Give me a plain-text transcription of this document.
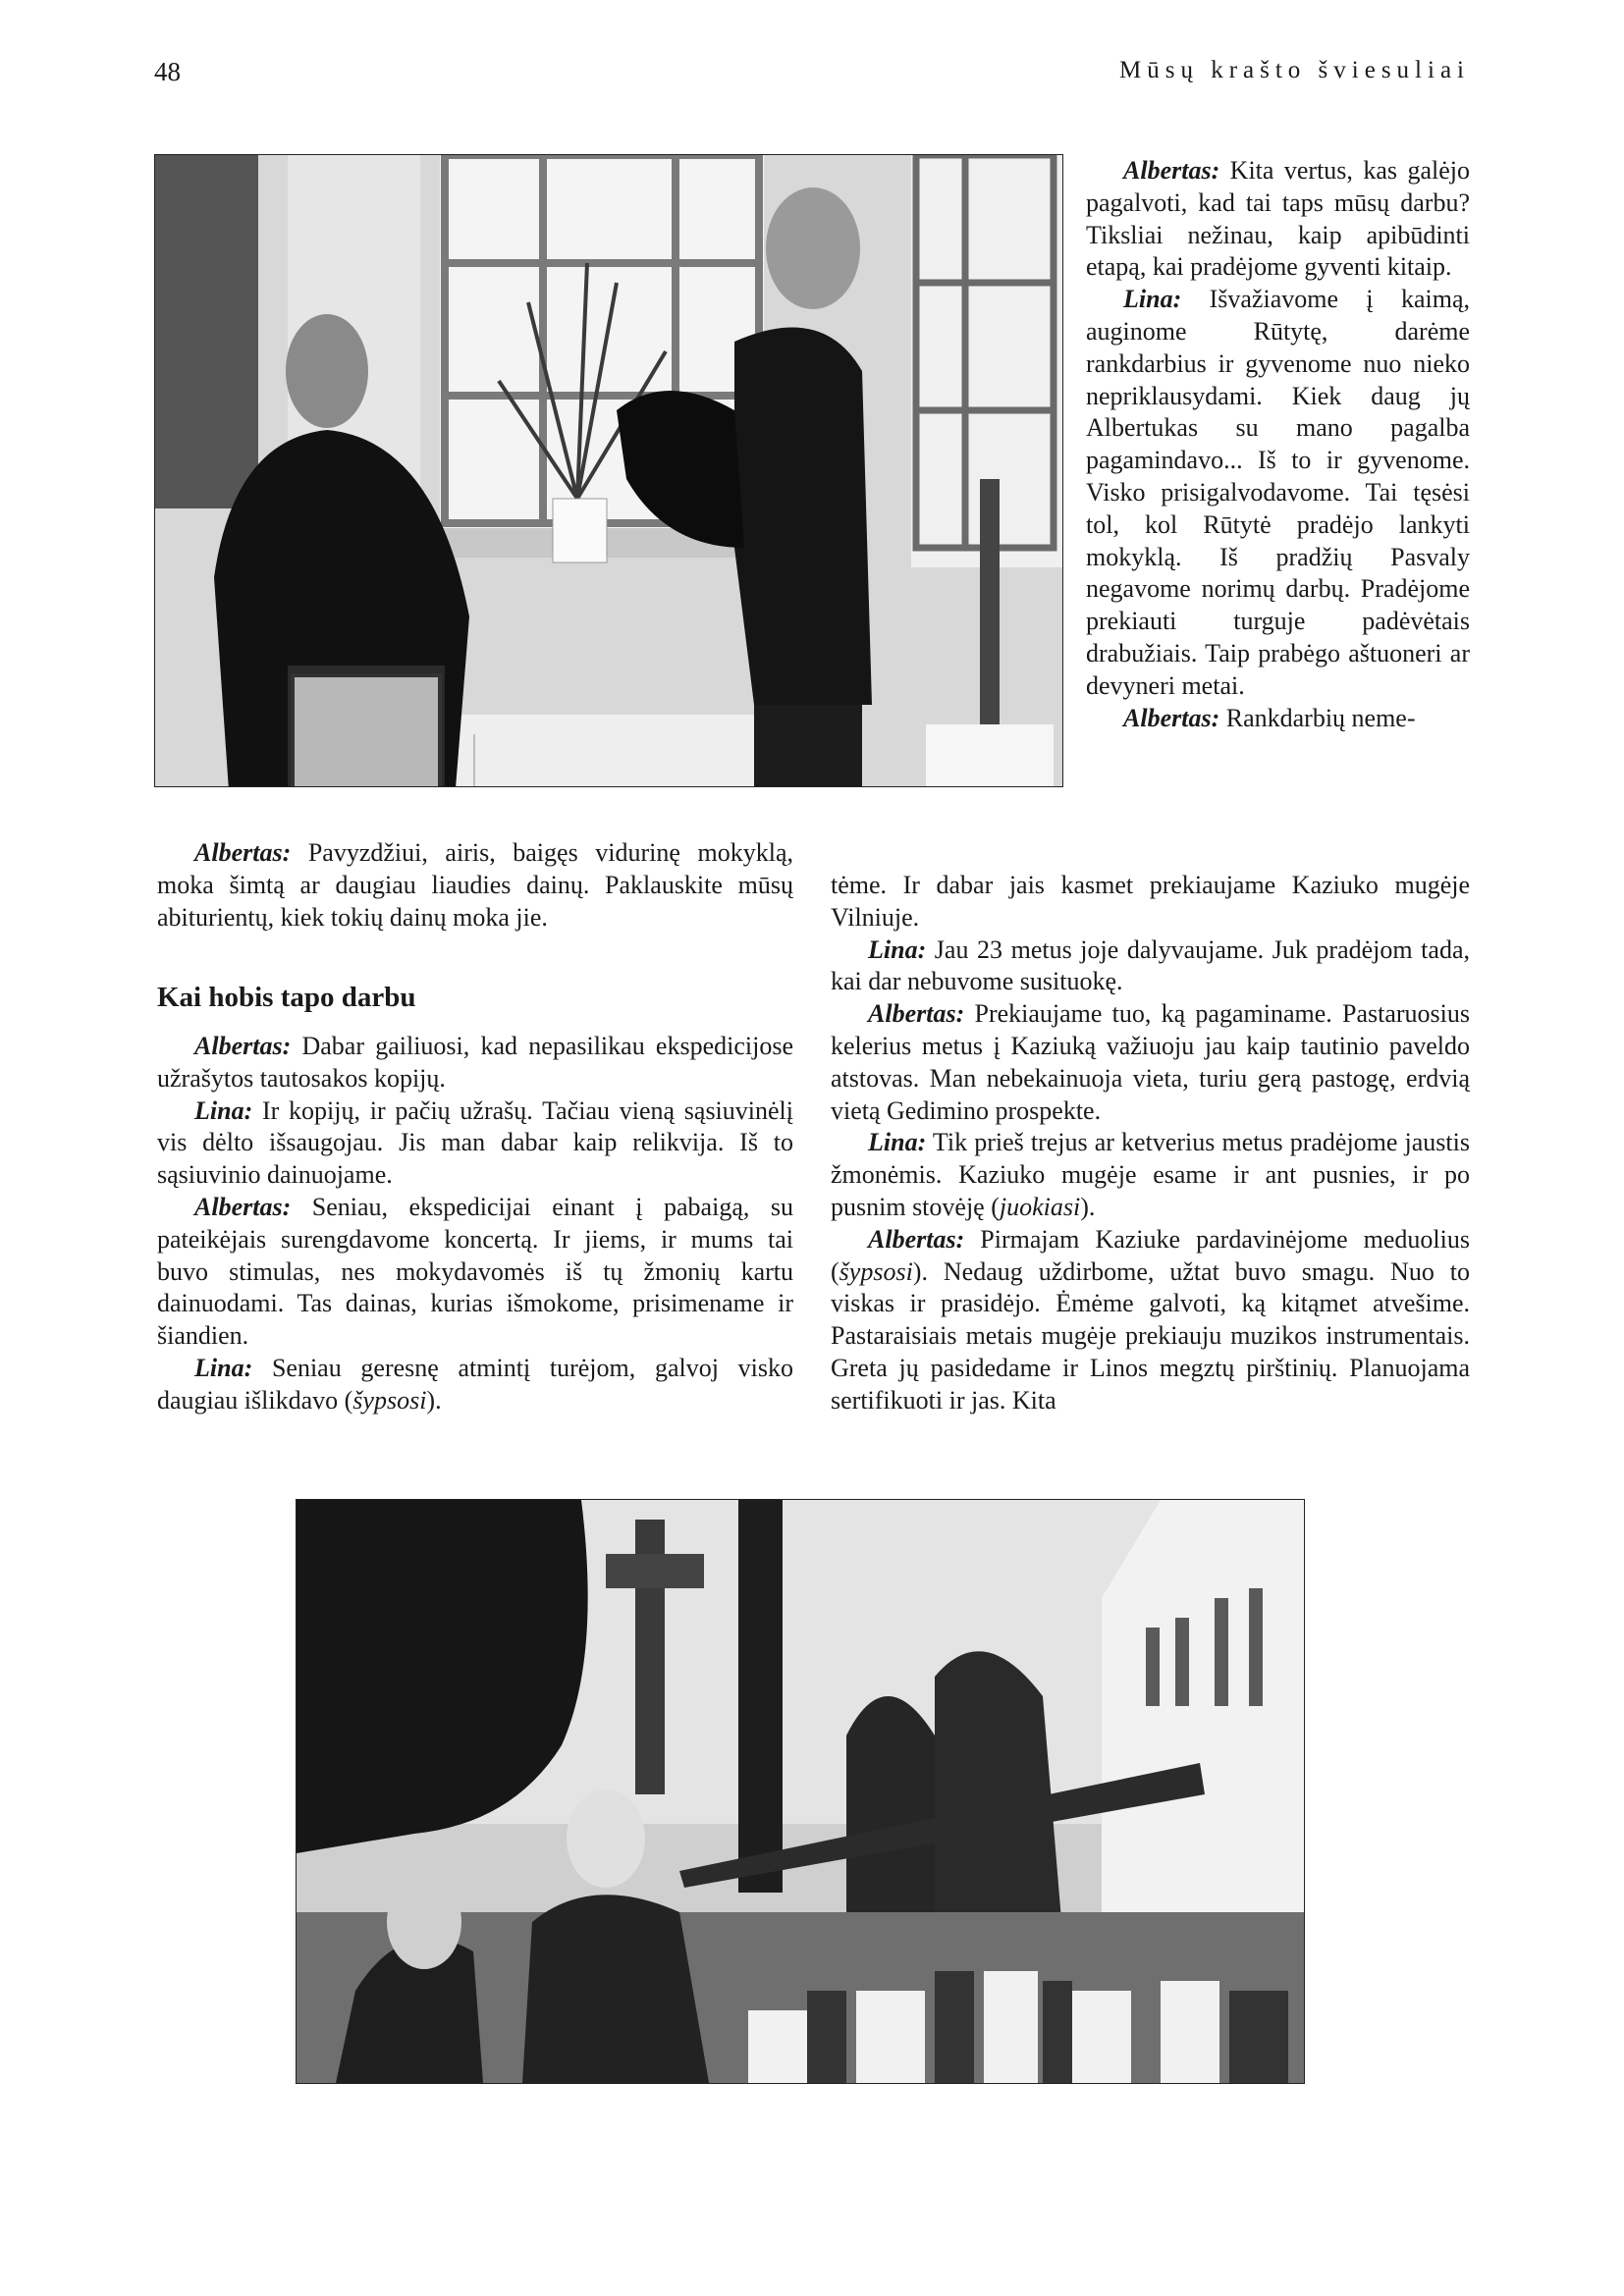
48	Mūsų krašto šviesuliai

Albertas: Kita vertus, kas galėjo pagalvoti, kad tai taps mūsų darbu? Tiksliai nežinau, kaip apibūdinti etapą, kai pradėjome gyventi kitaip.

Lina: Išvažiavome į kaimą, auginome Rūtytę, darėme rankdarbius ir gyvenome nuo nieko nepriklausydami. Kiek daug jų Albertukas su mano pagalba pagamindavo... Iš to ir gyvenome. Visko prisigalvodavome. Tai tęsėsi tol, kol Rūtytė pradėjo lankyti mokyklą. Iš pradžių Pasvaly negavome norimų darbų. Pradėjome prekiauti turguje padėvėtais drabužiais. Taip prabėgo aštuoneri ar devyneri metai.

Albertas: Rankdarbių neme-

Albertas: Pavyzdžiui, airis, baigęs vidurinę mokyklą, moka šimtą ar daugiau liaudies dainų. Paklauskite mūsų abiturientų, kiek tokių dainų moka jie.

Kai hobis tapo darbu

Albertas: Dabar gailiuosi, kad nepasilikau ekspedicijose užrašytos tautosakos kopijų.

Lina: Ir kopijų, ir pačių užrašų. Tačiau vieną sąsiuvinėlį vis dėlto išsaugojau. Jis man dabar kaip relikvija. Iš to sąsiuvinio dainuojame.

Albertas: Seniau, ekspedicijai einant į pabaigą, su pateikėjais surengdavome koncertą. Ir jiems, ir mums tai buvo stimulas, nes mokydavomės iš tų žmonių kartu dainuodami. Tas dainas, kurias išmokome, prisimename ir šiandien.

Lina: Seniau geresnę atmintį turėjom, galvoj visko daugiau išlikdavo (šypsosi).

tėme. Ir dabar jais kasmet prekiaujame Kaziuko mugėje Vilniuje.

Lina: Jau 23 metus joje dalyvaujame. Juk pradėjom tada, kai dar nebuvome susituokę.

Albertas: Prekiaujame tuo, ką pagaminame. Pastaruosius kelerius metus į Kaziuką važiuoju jau kaip tautinio paveldo atstovas. Man nebekainuoja vieta, turiu gerą pastogę, erdvią vietą Gedimino prospekte.

Lina: Tik prieš trejus ar ketverius metus pradėjome jaustis žmonėmis. Kaziuko mugėje esame ir ant pusnies, ir po pusnim stovėję (juokiasi).

Albertas: Pirmajam Kaziuke pardavinėjome meduolius (šypsosi). Nedaug uždirbome, užtat buvo smagu. Nuo to viskas ir prasidėjo. Ėmėme galvoti, ką kitąmet atvešime. Pastaraisiais metais mugėje prekiauju muzikos instrumentais. Greta jų pasidedame ir Linos megztų pirštinių. Planuojama sertifikuoti ir jas. Kita
